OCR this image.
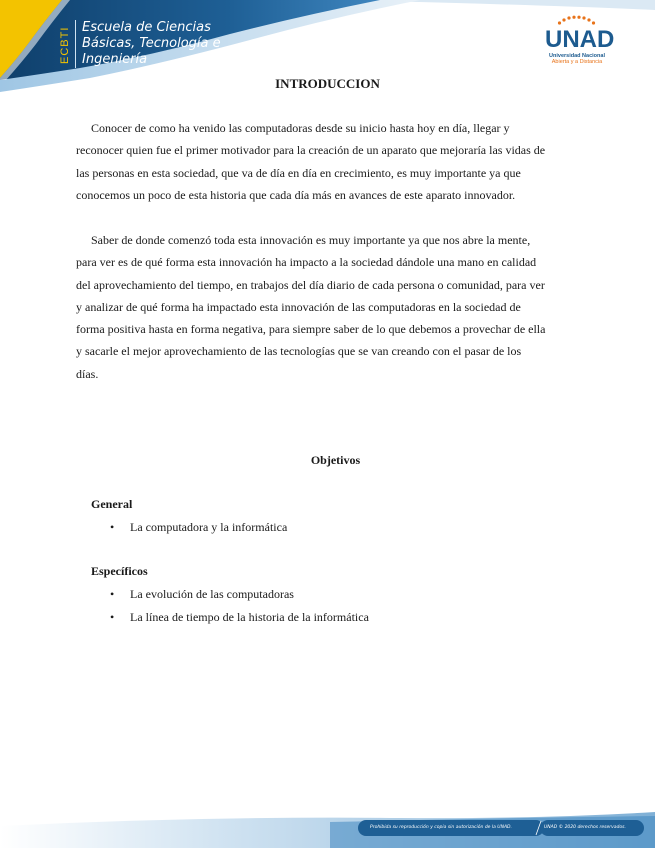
ECBTI Escuela de Ciencias
Básicas, Tecnología e
Ingeniería
UNAD
Universidad Nacional
Abierta y a Distancia
INTRODUCCION

Conocer de como ha venido las computadoras desde su inicio hasta hoy en día, llegar y
reconocer quien fue el primer motivador para la creación de un aparato que mejoraría las vidas de
las personas en esta sociedad, que va de día en día en crecimiento, es muy importante ya que
conocemos un poco de esta historia que cada día más en avances de este aparato innovador.

Saber de donde comenzó toda esta innovación es muy importante ya que nos abre la mente,
para ver es de qué forma esta innovación ha impacto a la sociedad dándole una mano en calidad
del aprovechamiento del tiempo, en trabajos del día diario de cada persona o comunidad, para ver
y analizar de qué forma ha impactado esta innovación de las computadoras en la sociedad de
forma positiva hasta en forma negativa, para siempre saber de lo que debemos a provechar de ella
y sacarle el mejor aprovechamiento de las tecnologías que se van creando con el pasar de los
días.

Objetivos
General
• La computadora y la informática
Específicos
• La evolución de las computadoras
• La línea de tiempo de la historia de la informática
Prohibida su reproducción y copia sin autorización de la UNAD.	UNAD © 2020 derechos reservados.
